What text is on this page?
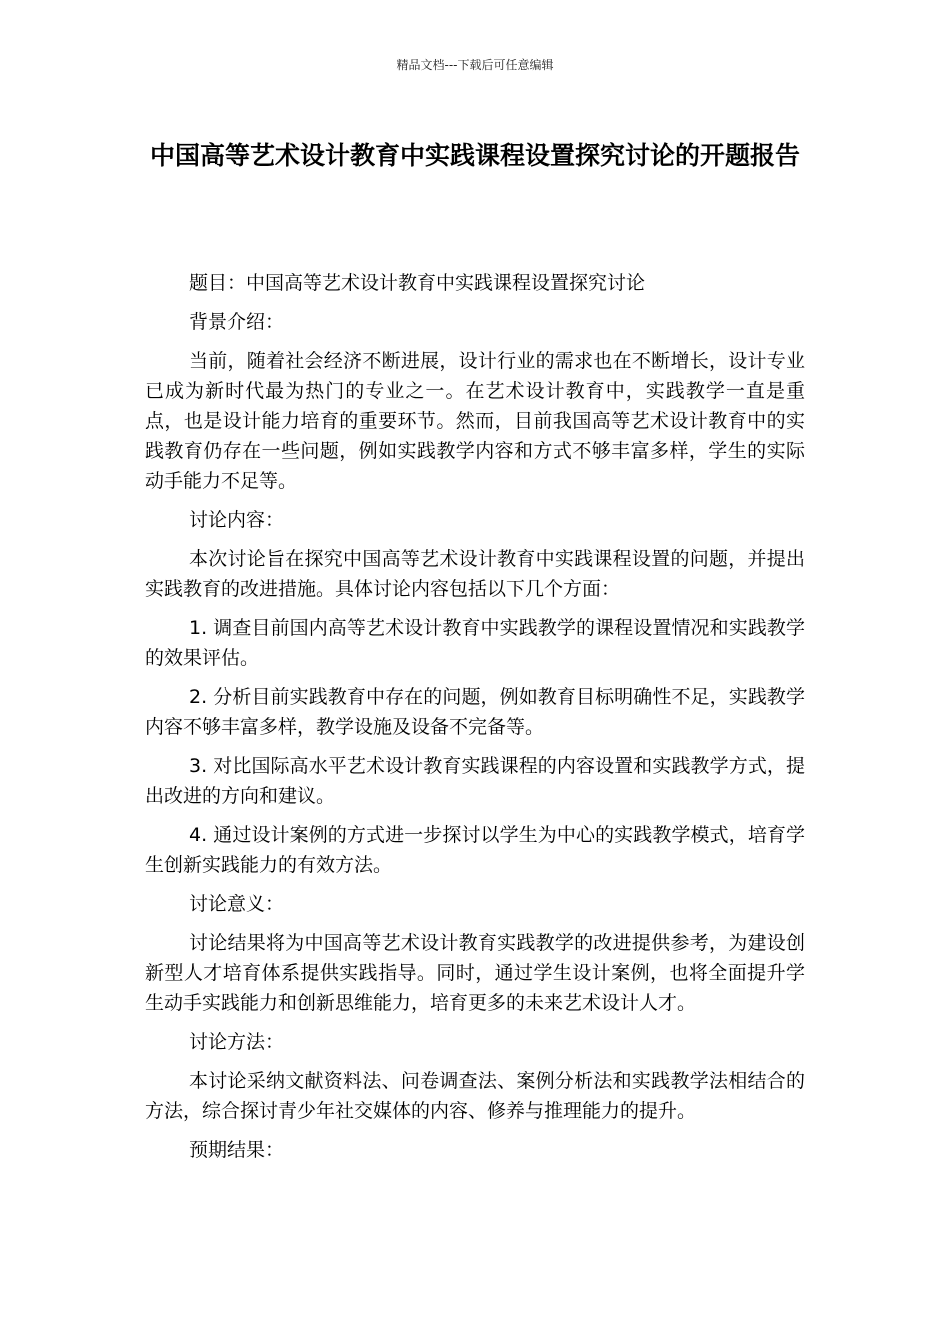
精品文档---下载后可任意编辑
中国高等艺术设计教育中实践课程设置探究讨论的开题报告

题目：中国高等艺术设计教育中实践课程设置探究讨论

背景介绍：

当前，随着社会经济不断进展，设计行业的需求也在不断增长，设计专业已成为新时代最为热门的专业之一。在艺术设计教育中，实践教学一直是重点，也是设计能力培育的重要环节。然而，目前我国高等艺术设计教育中的实践教育仍存在一些问题，例如实践教学内容和方式不够丰富多样，学生的实际动手能力不足等。

讨论内容：

本次讨论旨在探究中国高等艺术设计教育中实践课程设置的问题，并提出实践教育的改进措施。具体讨论内容包括以下几个方面：

1. 调查目前国内高等艺术设计教育中实践教学的课程设置情况和实践教学的效果评估。

2. 分析目前实践教育中存在的问题，例如教育目标明确性不足，实践教学内容不够丰富多样，教学设施及设备不完备等。

3. 对比国际高水平艺术设计教育实践课程的内容设置和实践教学方式，提出改进的方向和建议。

4. 通过设计案例的方式进一步探讨以学生为中心的实践教学模式，培育学生创新实践能力的有效方法。

讨论意义：

讨论结果将为中国高等艺术设计教育实践教学的改进提供参考，为建设创新型人才培育体系提供实践指导。同时，通过学生设计案例，也将全面提升学生动手实践能力和创新思维能力，培育更多的未来艺术设计人才。

讨论方法：

本讨论采纳文献资料法、问卷调查法、案例分析法和实践教学法相结合的方法，综合探讨青少年社交媒体的内容、修养与推理能力的提升。

预期结果：
